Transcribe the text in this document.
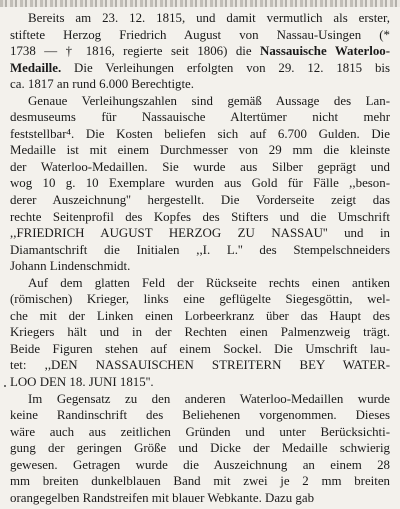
Bereits am 23. 12. 1815, und damit vermutlich als erster,
stiftete Herzog Friedrich August von Nassau-Usingen (*
1738 — † 1816, regierte seit 1806) die Nassauische Waterloo-
Medaille. Die Verleihungen erfolgten von 29. 12. 1815 bis
ca. 1817 an rund 6.000 Berechtigte.
Genaue Verleihungszahlen sind gemäß Aussage des Lan-
desmuseums für Nassauische Altertümer nicht mehr
feststellbar⁴. Die Kosten beliefen sich auf 6.700 Gulden. Die
Medaille ist mit einem Durchmesser von 29 mm die kleinste
der Waterloo-Medaillen. Sie wurde aus Silber geprägt und
wog 10 g. 10 Exemplare wurden aus Gold für Fälle ,,beson-
derer Auszeichnung'' hergestellt. Die Vorderseite zeigt das
rechte Seitenprofil des Kopfes des Stifters und die Umschrift
,,FRIEDRICH AUGUST HERZOG ZU NASSAU'' und in
Diamantschrift die Initialen ,,I. L.'' des Stempelschneiders
Johann Lindenschmidt.
Auf dem glatten Feld der Rückseite rechts einen antiken
(römischen) Krieger, links eine geflügelte Siegesgöttin, wel-
che mit der Linken einen Lorbeerkranz über das Haupt des
Kriegers hält und in der Rechten einen Palmenzweig trägt.
Beide Figuren stehen auf einem Sockel. Die Umschrift lau-
tet: ,,DEN NASSAUISCHEN STREITERN BEY WATER-
LOO DEN 18. JUNI 1815''.
Im Gegensatz zu den anderen Waterloo-Medaillen wurde
keine Randinschrift des Beliehenen vorgenommen. Dieses
wäre auch aus zeitlichen Gründen und unter Berücksichti-
gung der geringen Größe und Dicke der Medaille schwierig
gewesen. Getragen wurde die Auszeichnung an einem 28
mm breiten dunkelblauen Band mit zwei je 2 mm breiten
orangegelben Randstreifen mit blauer Webkante. Dazu gab
